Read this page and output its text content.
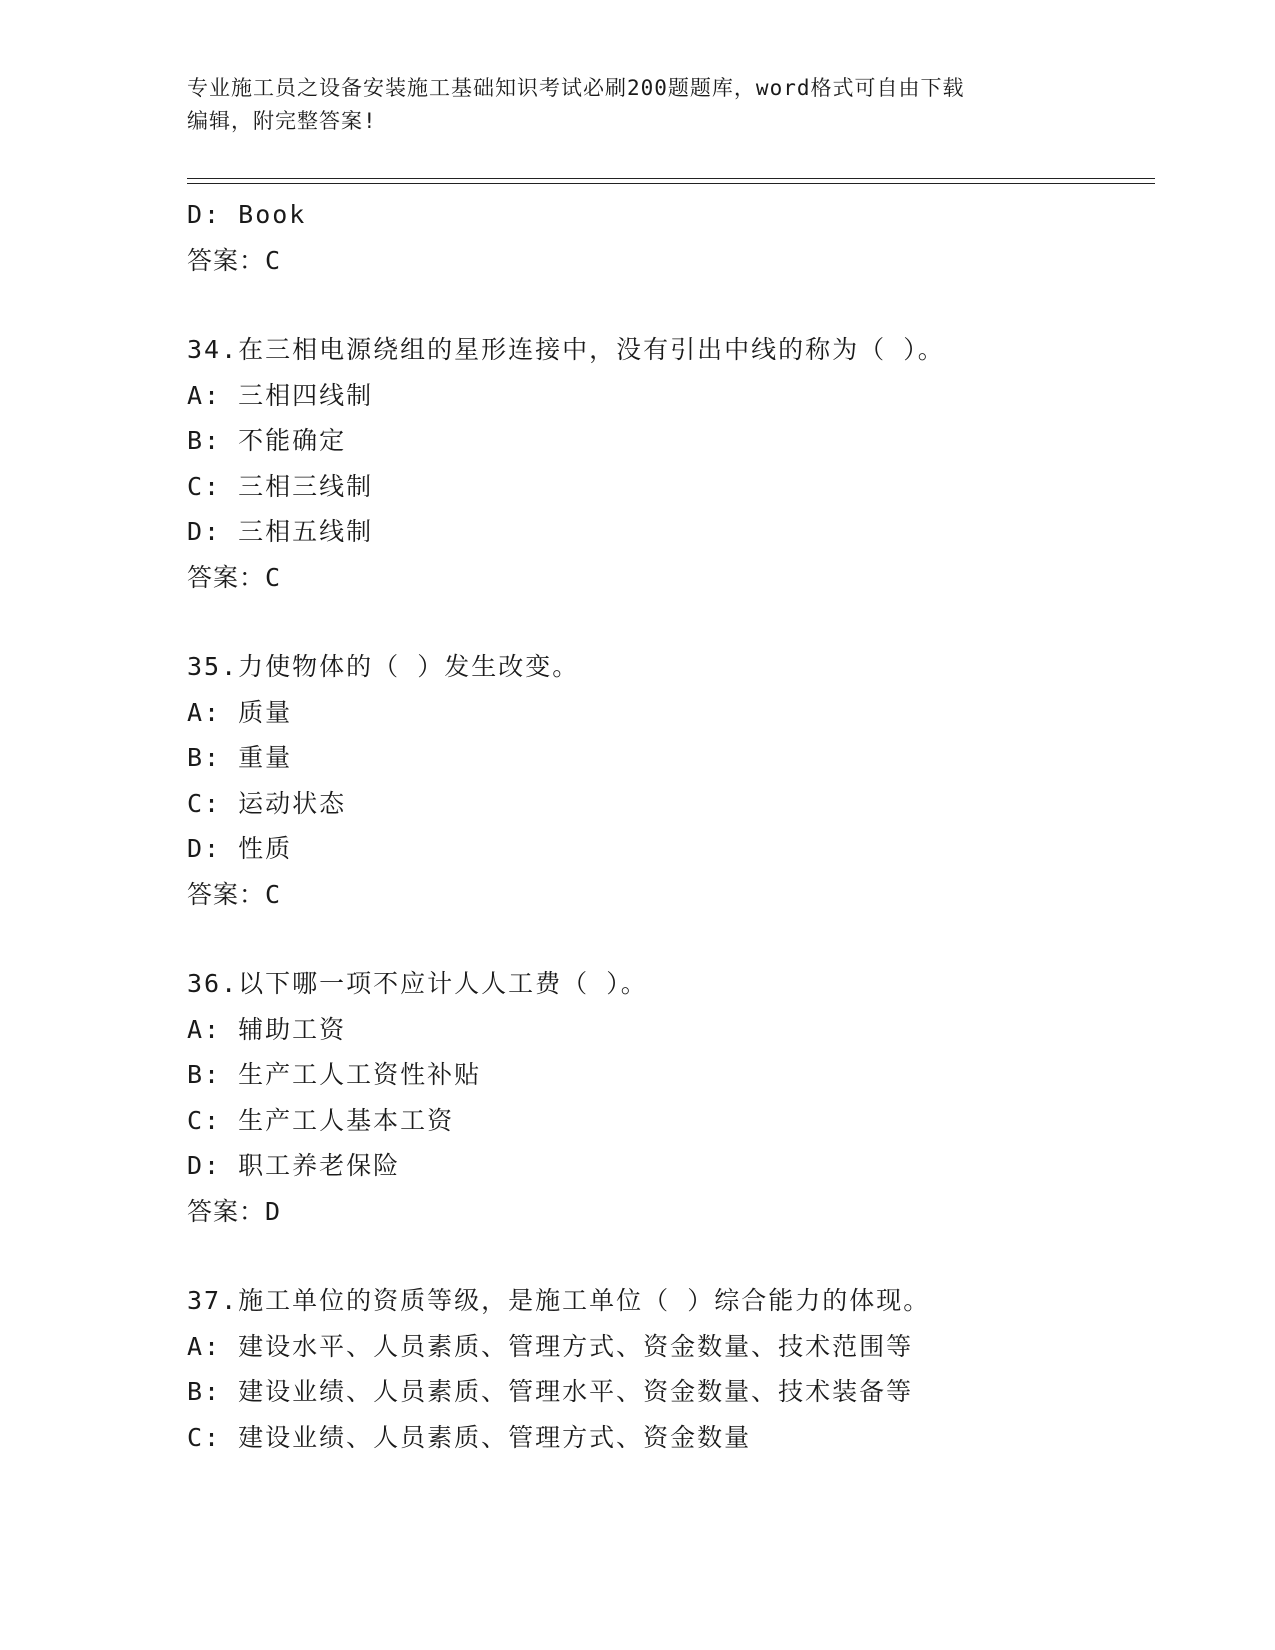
专业施工员之设备安装施工基础知识考试必刷200题题库，word格式可自由下载
编辑，附完整答案!
D: Book
答案：C
34.在三相电源绕组的星形连接中，没有引出中线的称为（ ）。
A: 三相四线制
B: 不能确定
C: 三相三线制
D: 三相五线制
答案：C
35.力使物体的（ ）发生改变。
A: 质量
B: 重量
C: 运动状态
D: 性质
答案：C
36.以下哪一项不应计人人工费（ ）。
A: 辅助工资
B: 生产工人工资性补贴
C: 生产工人基本工资
D: 职工养老保险
答案：D
37.施工单位的资质等级，是施工单位（ ）综合能力的体现。
A: 建设水平、人员素质、管理方式、资金数量、技术范围等
B: 建设业绩、人员素质、管理水平、资金数量、技术装备等
C: 建设业绩、人员素质、管理方式、资金数量
